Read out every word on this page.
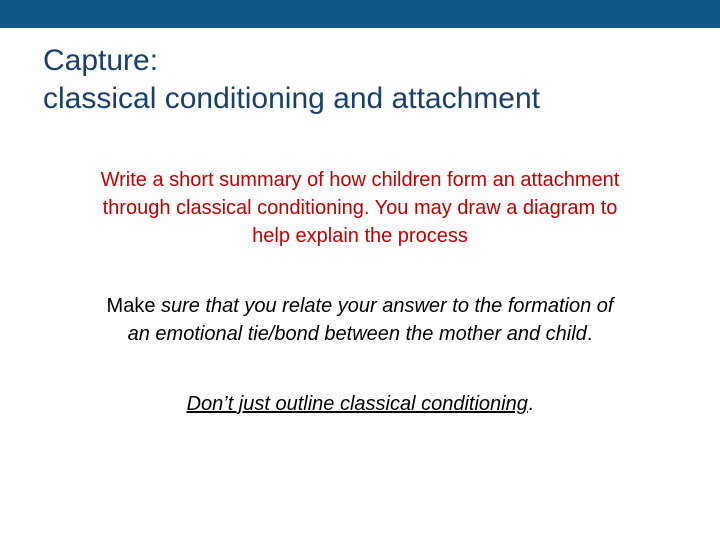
Capture:
classical conditioning and attachment

Write a short summary of how children form an attachment
through classical conditioning. You may draw a diagram to
help explain the process

Make sure that you relate your answer to the formation of
an emotional tie/bond between the mother and child.

Don’t just outline classical conditioning.
